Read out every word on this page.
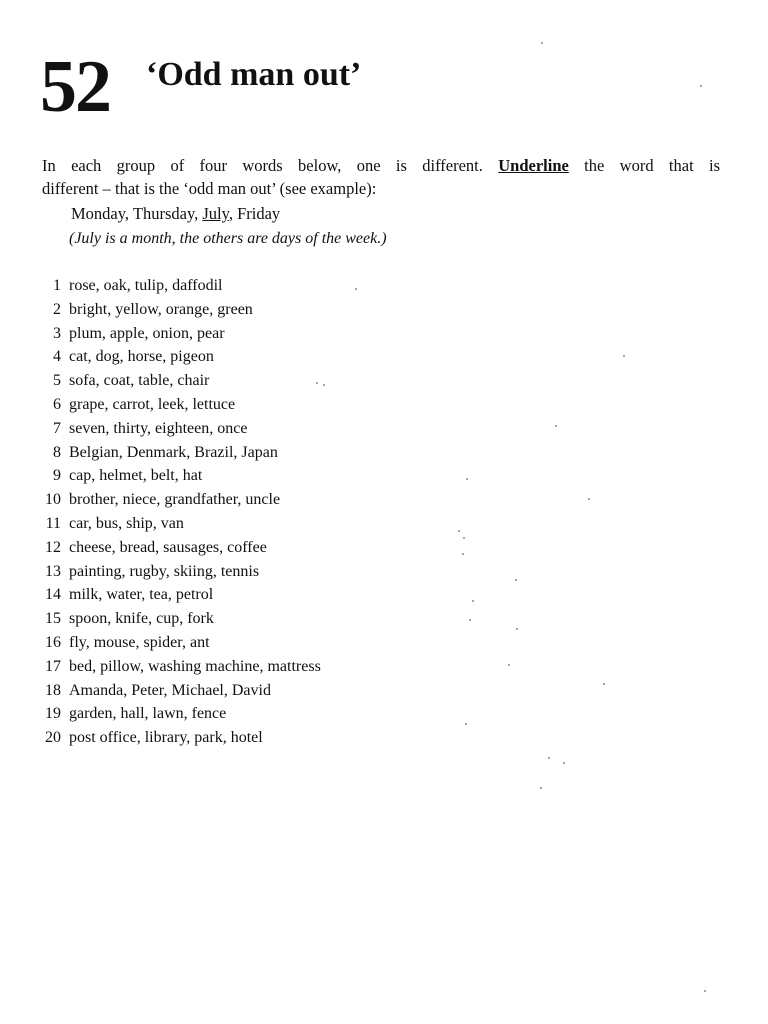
52 ‘Odd man out’
In each group of four words below, one is different. Underline the word that is
different – that is the ‘odd man out’ (see example):
Monday, Thursday, July, Friday
(July is a month, the others are days of the week.)
1 rose, oak, tulip, daffodil
2 bright, yellow, orange, green
3 plum, apple, onion, pear
4 cat, dog, horse, pigeon
5 sofa, coat, table, chair
6 grape, carrot, leek, lettuce
7 seven, thirty, eighteen, once
8 Belgian, Denmark, Brazil, Japan
9 cap, helmet, belt, hat
10 brother, niece, grandfather, uncle
11 car, bus, ship, van
12 cheese, bread, sausages, coffee
13 painting, rugby, skiing, tennis
14 milk, water, tea, petrol
15 spoon, knife, cup, fork
16 fly, mouse, spider, ant
17 bed, pillow, washing machine, mattress
18 Amanda, Peter, Michael, David
19 garden, hall, lawn, fence
20 post office, library, park, hotel
